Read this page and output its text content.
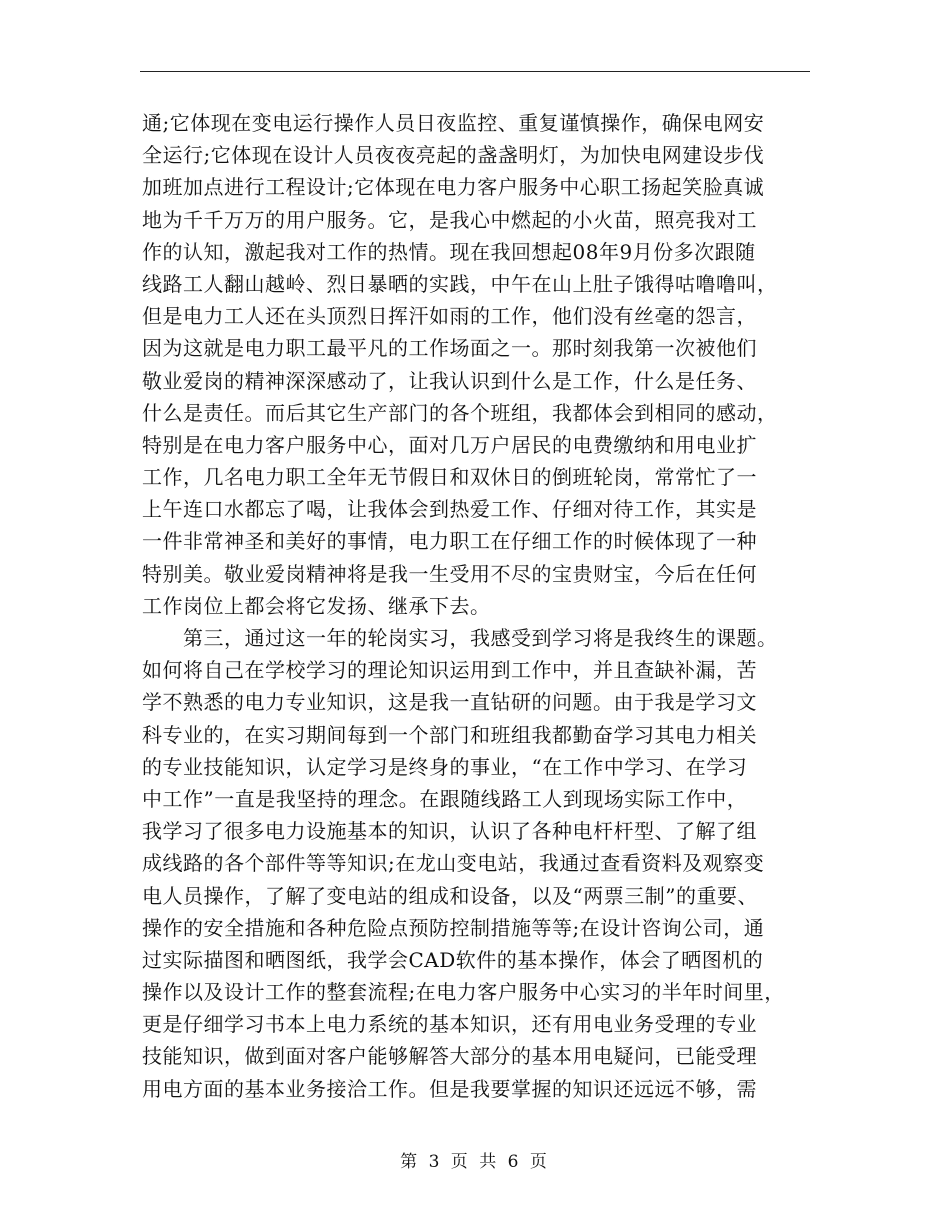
通;它体现在变电运行操作人员日夜监控、重复谨慎操作，确保电网安
全运行;它体现在设计人员夜夜亮起的盏盏明灯，为加快电网建设步伐
加班加点进行工程设计;它体现在电力客户服务中心职工扬起笑脸真诚
地为千千万万的用户服务。它，是我心中燃起的小火苗，照亮我对工
作的认知，激起我对工作的热情。现在我回想起08年9月份多次跟随
线路工人翻山越岭、烈日暴晒的实践，中午在山上肚子饿得咕噜噜叫，
但是电力工人还在头顶烈日挥汗如雨的工作，他们没有丝毫的怨言，
因为这就是电力职工最平凡的工作场面之一。那时刻我第一次被他们
敬业爱岗的精神深深感动了，让我认识到什么是工作，什么是任务、
什么是责任。而后其它生产部门的各个班组，我都体会到相同的感动，
特别是在电力客户服务中心，面对几万户居民的电费缴纳和用电业扩
工作，几名电力职工全年无节假日和双休日的倒班轮岗，常常忙了一
上午连口水都忘了喝，让我体会到热爱工作、仔细对待工作，其实是
一件非常神圣和美好的事情，电力职工在仔细工作的时候体现了一种
特别美。敬业爱岗精神将是我一生受用不尽的宝贵财宝，今后在任何
工作岗位上都会将它发扬、继承下去。
　　第三，通过这一年的轮岗实习，我感受到学习将是我终生的课题。
如何将自己在学校学习的理论知识运用到工作中，并且查缺补漏，苦
学不熟悉的电力专业知识，这是我一直钻研的问题。由于我是学习文
科专业的，在实习期间每到一个部门和班组我都勤奋学习其电力相关
的专业技能知识，认定学习是终身的事业，“在工作中学习、在学习
中工作”一直是我坚持的理念。在跟随线路工人到现场实际工作中，
我学习了很多电力设施基本的知识，认识了各种电杆杆型、了解了组
成线路的各个部件等等知识;在龙山变电站，我通过查看资料及观察变
电人员操作，了解了变电站的组成和设备，以及“两票三制”的重要、
操作的安全措施和各种危险点预防控制措施等等;在设计咨询公司，通
过实际描图和晒图纸，我学会CAD软件的基本操作，体会了晒图机的
操作以及设计工作的整套流程;在电力客户服务中心实习的半年时间里，
更是仔细学习书本上电力系统的基本知识，还有用电业务受理的专业
技能知识，做到面对客户能够解答大部分的基本用电疑问，已能受理
用电方面的基本业务接洽工作。但是我要掌握的知识还远远不够，需
第 3 页 共 6 页
